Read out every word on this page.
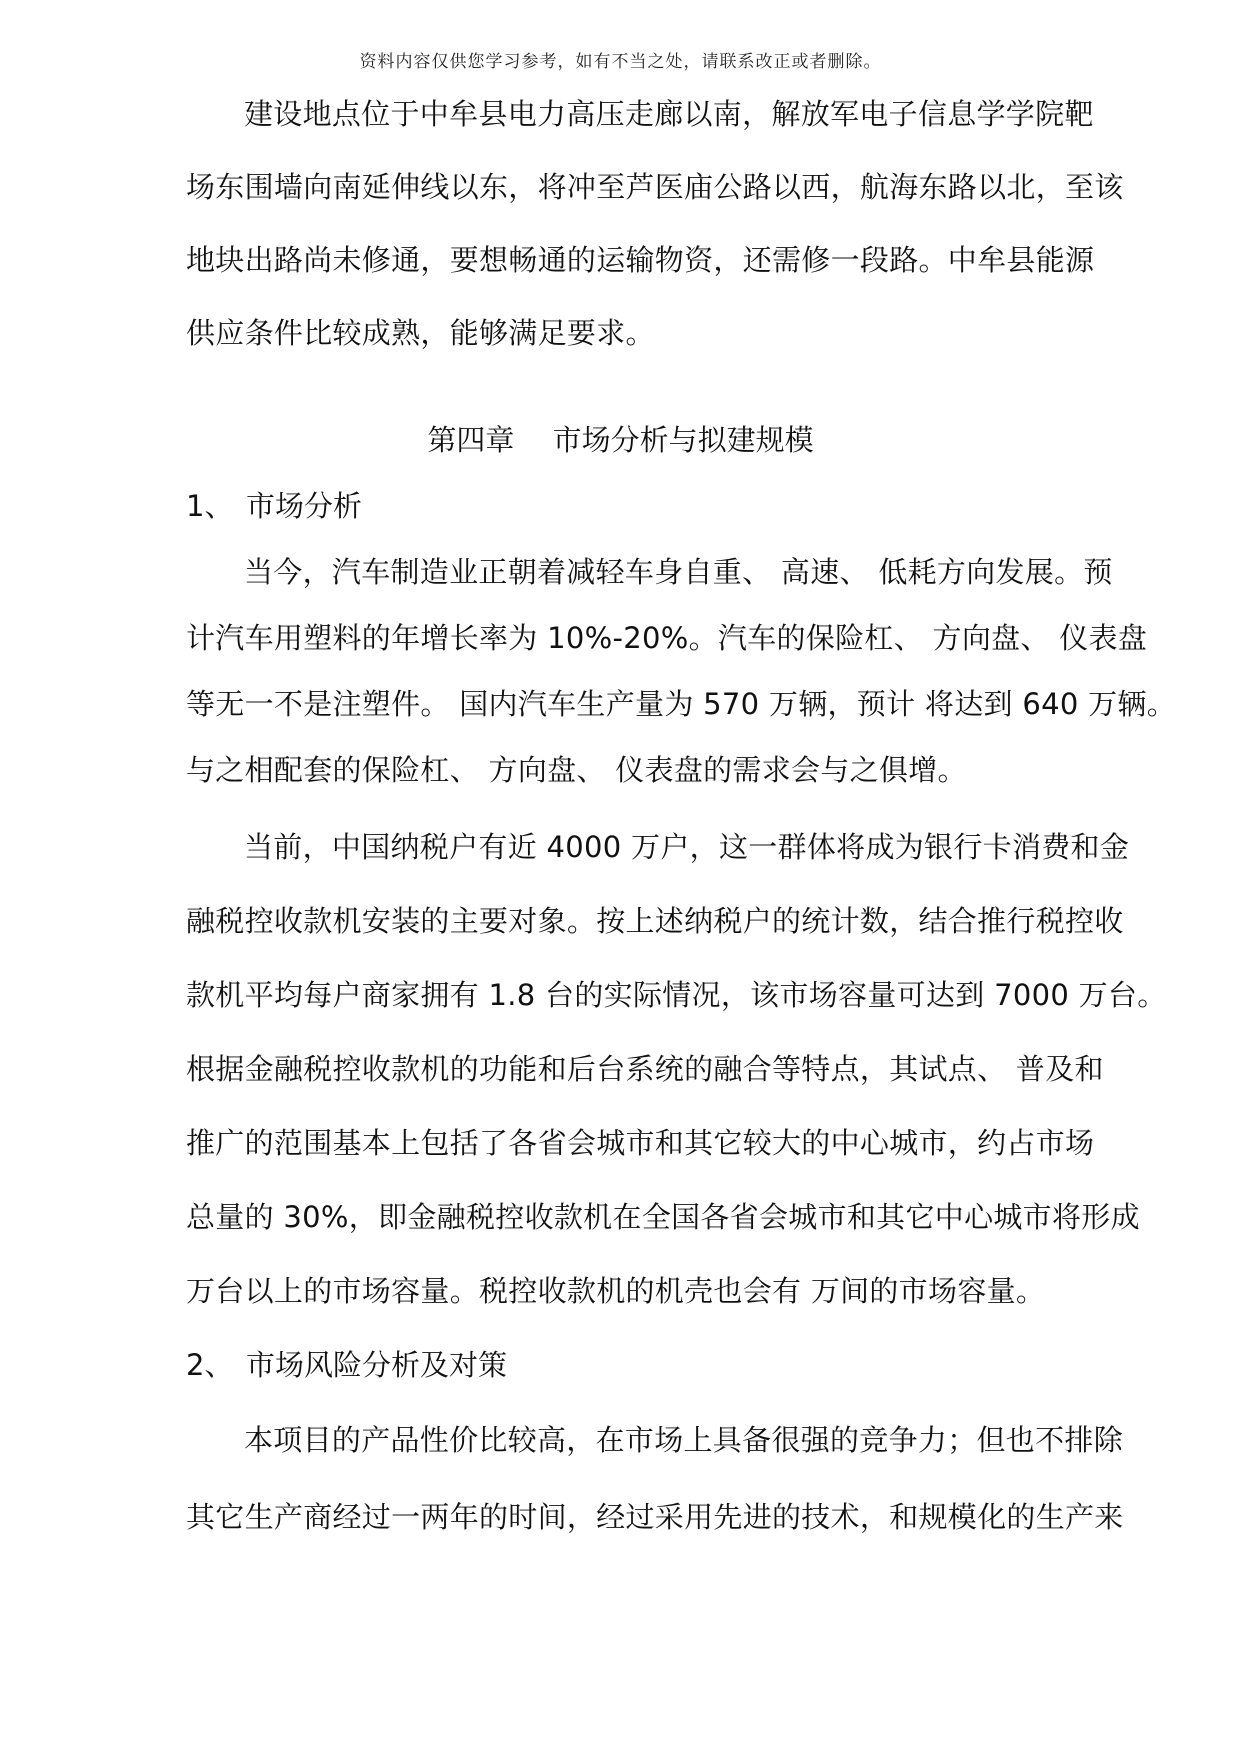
资料内容仅供您学习参考，如有不当之处，请联系改正或者删除。
建设地点位于中牟县电力高压走廊以南，解放军电子信息学学院靶
场东围墙向南延伸线以东，将冲至芦医庙公路以西，航海东路以北，至该
地块出路尚未修通，要想畅通的运输物资，还需修一段路。中牟县能源
供应条件比较成熟，能够满足要求。
第四章　 市场分析与拟建规模
1、 市场分析
当今，汽车制造业正朝着减轻车身自重、 高速、 低耗方向发展。预
计汽车用塑料的年增长率为 10%-20%。汽车的保险杠、 方向盘、 仪表盘
等无一不是注塑件。 国内汽车生产量为 570 万辆，预计 将达到 640 万辆。
与之相配套的保险杠、 方向盘、 仪表盘的需求会与之俱增。
当前，中国纳税户有近 4000 万户，这一群体将成为银行卡消费和金
融税控收款机安装的主要对象。按上述纳税户的统计数，结合推行税控收
款机平均每户商家拥有 1.8 台的实际情况，该市场容量可达到 7000 万台。
根据金融税控收款机的功能和后台系统的融合等特点，其试点、 普及和
推广的范围基本上包括了各省会城市和其它较大的中心城市，约占市场
总量的 30%，即金融税控收款机在全国各省会城市和其它中心城市将形成
万台以上的市场容量。税控收款机的机壳也会有 万间的市场容量。
2、 市场风险分析及对策
本项目的产品性价比较高，在市场上具备很强的竞争力；但也不排除
其它生产商经过一两年的时间，经过采用先进的技术，和规模化的生产来
